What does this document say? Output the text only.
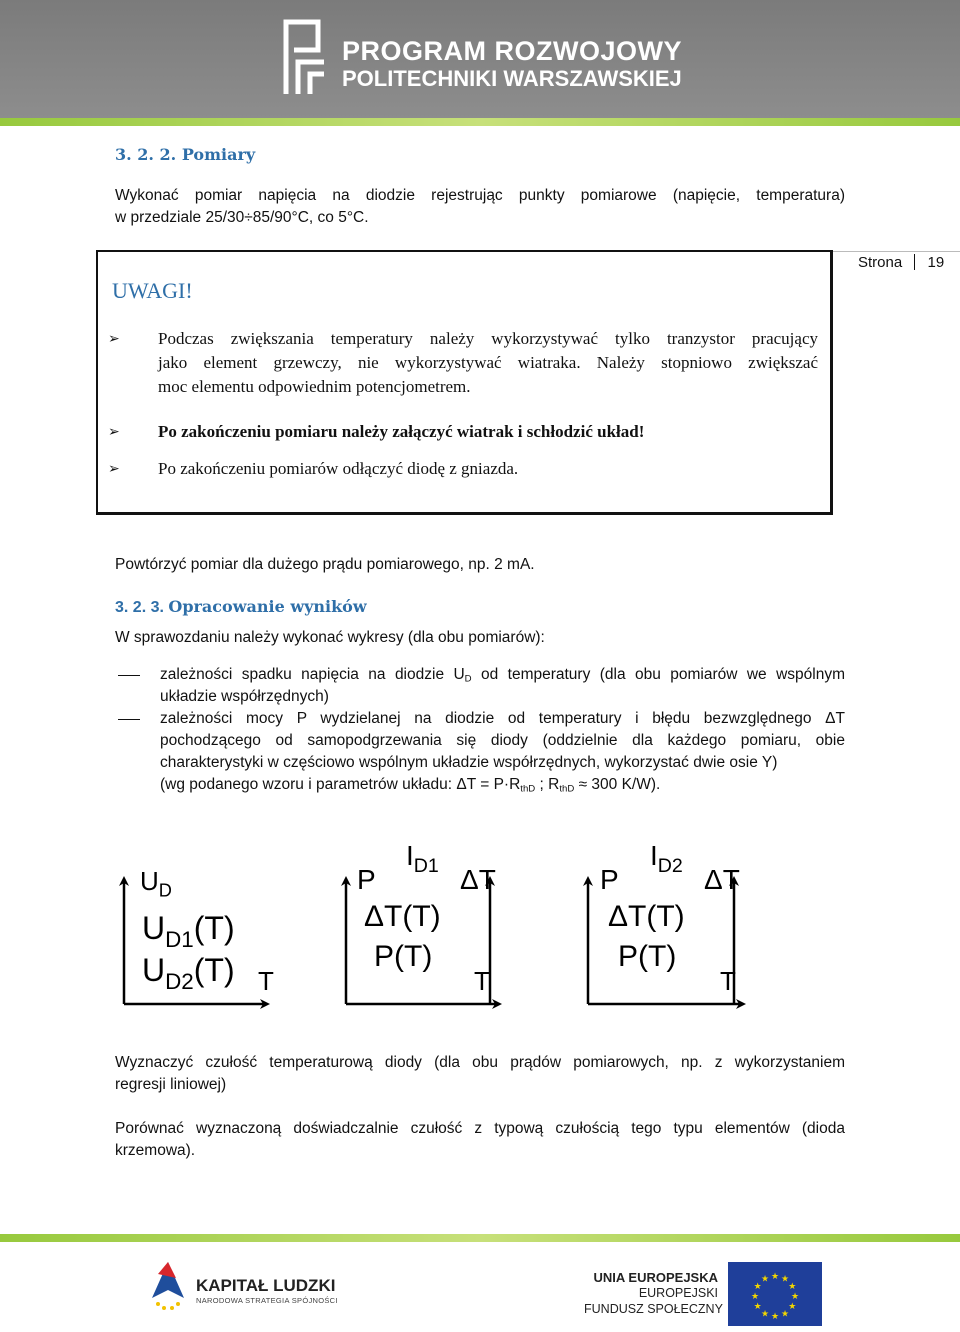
PROGRAM ROZWOJOWY
POLITECHNIKI WARSZAWSKIEJ
3. 2. 2. Pomiary
Wykonać pomiar napięcia na diodzie rejestrując punkty pomiarowe (napięcie, temperatura)
w przedziale 25/30÷85/90°C, co 5°C.
Strona 19
UWAGI!
➢ Podczas zwiększania temperatury należy wykorzystywać tylko tranzystor pracujący
jako element grzewczy, nie wykorzystywać wiatraka. Należy stopniowo zwiększać
moc elementu odpowiednim potencjometrem.
➢ Po zakończeniu pomiaru należy załączyć wiatrak i schłodzić układ!
➢ Po zakończeniu pomiarów odłączyć diodę z gniazda.
Powtórzyć pomiar dla dużego prądu pomiarowego, np. 2 mA.
3. 2. 3. Opracowanie wyników
W sprawozdaniu należy wykonać wykresy (dla obu pomiarów):
zależności spadku napięcia na diodzie $U_D$ od temperatury (dla obu pomiarów we wspólnym
układzie współrzędnych)
zależności mocy P wydzielanej na diodzie od temperatury i błędu bezwzględnego ΔT
pochodzącego od samopodgrzewania się diody (oddzielnie dla każdego pomiaru, obie
charakterystyki w częściowo wspólnym układzie współrzędnych, wykorzystać dwie osie Y)
(wg podanego wzoru i parametrów układu: $\Delta T = P\cdot R_{thD}$ ; $R_{thD} \approx 300$ K/W).
$U_D$
$U_{D1}(T)$
$U_{D2}(T)$ T
$I_{D1}$
P	ΔT
ΔT(T)
P(T)
T
$I_{D2}$
P	ΔT
ΔT(T)
P(T)
T
Wyznaczyć czułość temperaturową diody (dla obu prądów pomiarowych, np. z wykorzystaniem
regresji liniowej)
Porównać wyznaczoną doświadczalnie czułość z typową czułością tego typu elementów (dioda
krzemowa).
KAPITAŁ LUDZKI
NARODOWA STRATEGIA SPÓJNOŚCI
UNIA EUROPEJSKA
EUROPEJSKI
FUNDUSZ SPOŁECZNY
★ ★
★
★
★
★
★
★
★
★
★
★
